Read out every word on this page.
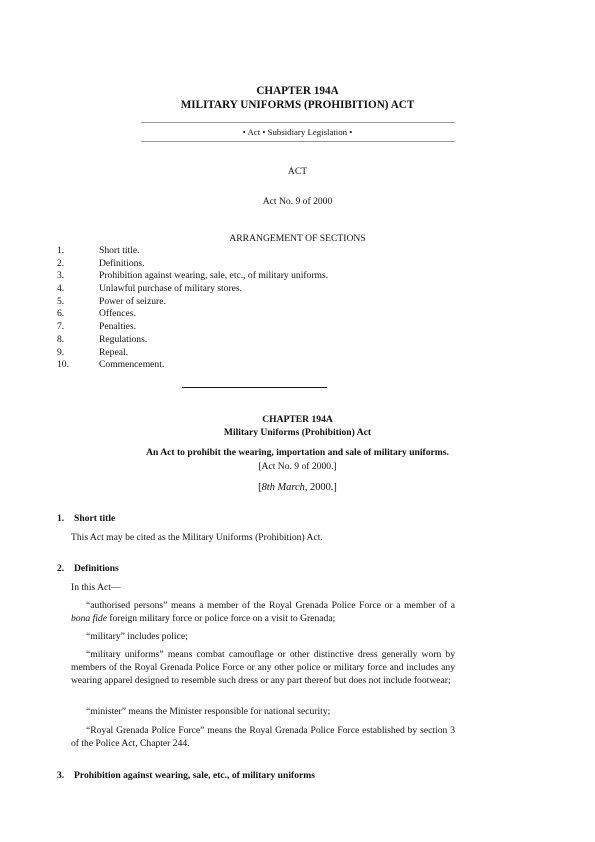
CHAPTER 194A
MILITARY UNIFORMS (PROHIBITION) ACT
• Act • Subsidiary Legislation •
ACT
Act No. 9 of 2000
ARRANGEMENT OF SECTIONS
1.	Short title.
2.	Definitions.
3.	Prohibition against wearing, sale, etc., of military uniforms.
4.	Unlawful purchase of military stores.
5.	Power of seizure.
6.	Offences.
7.	Penalties.
8.	Regulations.
9.	Repeal.
10.	Commencement.
CHAPTER 194A
Military Uniforms (Prohibition) Act
An Act to prohibit the wearing, importation and sale of military uniforms.
[Act No. 9 of 2000.]
[8th March, 2000.]
1. Short title
This Act may be cited as the Military Uniforms (Prohibition) Act.
2. Definitions
In this Act—
“authorised persons” means a member of the Royal Grenada Police Force or a member of a bona fide foreign military force or police force on a visit to Grenada;
“military” includes police;
“military uniforms” means combat camouflage or other distinctive dress generally worn by members of the Royal Grenada Police Force or any other police or military force and includes any wearing apparel designed to resemble such dress or any part thereof but does not include footwear;
“minister” means the Minister responsible for national security;
“Royal Grenada Police Force” means the Royal Grenada Police Force established by section 3 of the Police Act, Chapter 244.
3. Prohibition against wearing, sale, etc., of military uniforms
